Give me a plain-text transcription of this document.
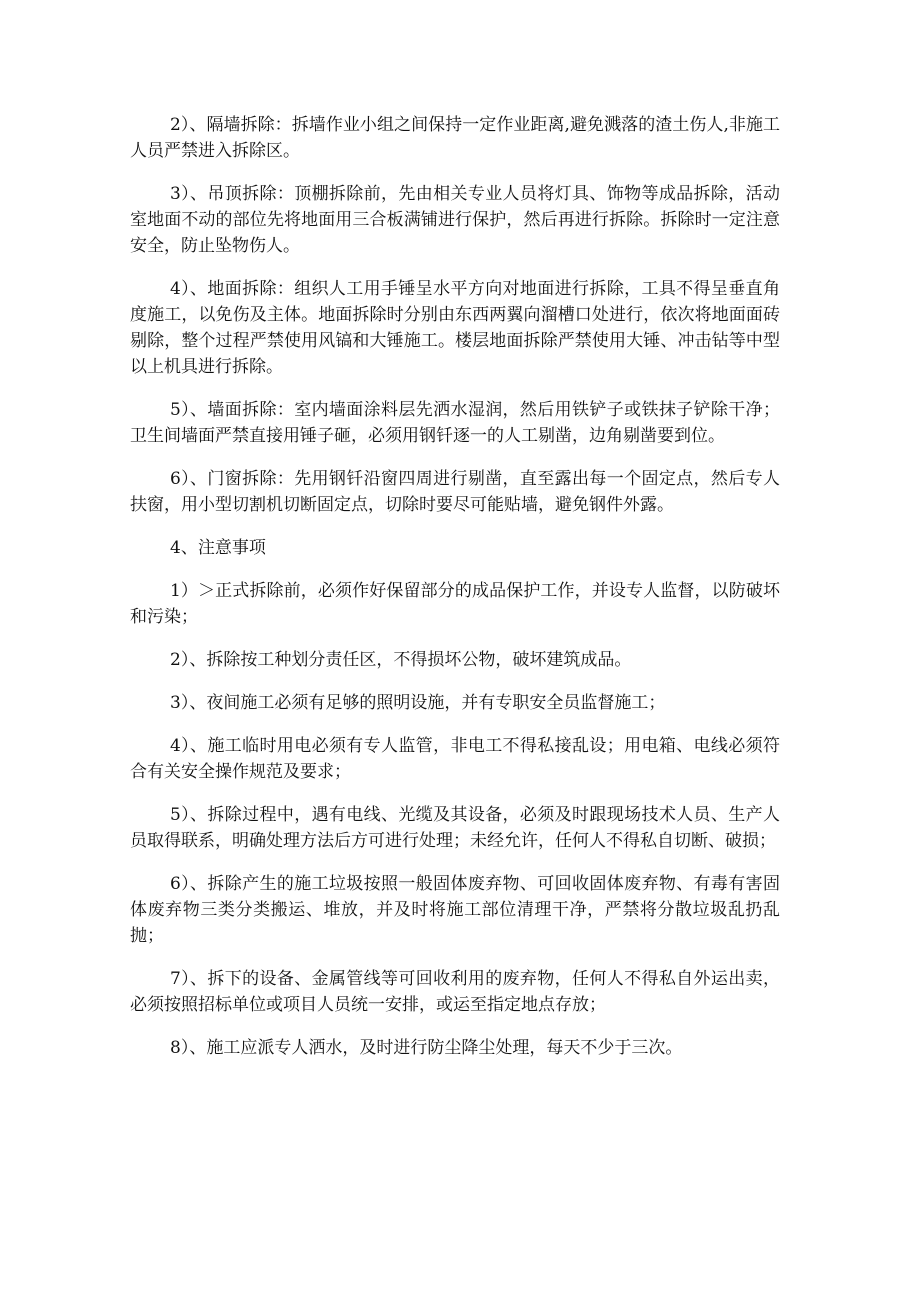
2）、隔墙拆除：拆墙作业小组之间保持一定作业距离,避免溅落的渣土伤人,非施工人员严禁进入拆除区。

3）、吊顶拆除：顶棚拆除前，先由相关专业人员将灯具、饰物等成品拆除，活动室地面不动的部位先将地面用三合板满铺进行保护，然后再进行拆除。拆除时一定注意安全，防止坠物伤人。

4）、地面拆除：组织人工用手锤呈水平方向对地面进行拆除，工具不得呈垂直角度施工，以免伤及主体。地面拆除时分别由东西两翼向溜槽口处进行，依次将地面面砖剔除，整个过程严禁使用风镐和大锤施工。楼层地面拆除严禁使用大锤、冲击钻等中型以上机具进行拆除。

5）、墙面拆除：室内墙面涂料层先洒水湿润，然后用铁铲子或铁抹子铲除干净；卫生间墙面严禁直接用锤子砸，必须用钢钎逐一的人工剔凿，边角剔凿要到位。

6）、门窗拆除：先用钢钎沿窗四周进行剔凿，直至露出每一个固定点，然后专人扶窗，用小型切割机切断固定点，切除时要尽可能贴墙，避免钢件外露。

4、注意事项

1）＞正式拆除前，必须作好保留部分的成品保护工作，并设专人监督，以防破坏和污染；

2）、拆除按工种划分责任区，不得损坏公物，破坏建筑成品。

3）、夜间施工必须有足够的照明设施，并有专职安全员监督施工；

4）、施工临时用电必须有专人监管，非电工不得私接乱设；用电箱、电线必须符合有关安全操作规范及要求；

5）、拆除过程中，遇有电线、光缆及其设备，必须及时跟现场技术人员、生产人员取得联系，明确处理方法后方可进行处理；未经允许，任何人不得私自切断、破损；

6）、拆除产生的施工垃圾按照一般固体废弃物、可回收固体废弃物、有毒有害固体废弃物三类分类搬运、堆放，并及时将施工部位清理干净，严禁将分散垃圾乱扔乱抛；

7）、拆下的设备、金属管线等可回收利用的废弃物，任何人不得私自外运出卖，必须按照招标单位或项目人员统一安排，或运至指定地点存放；

8）、施工应派专人洒水，及时进行防尘降尘处理，每天不少于三次。
